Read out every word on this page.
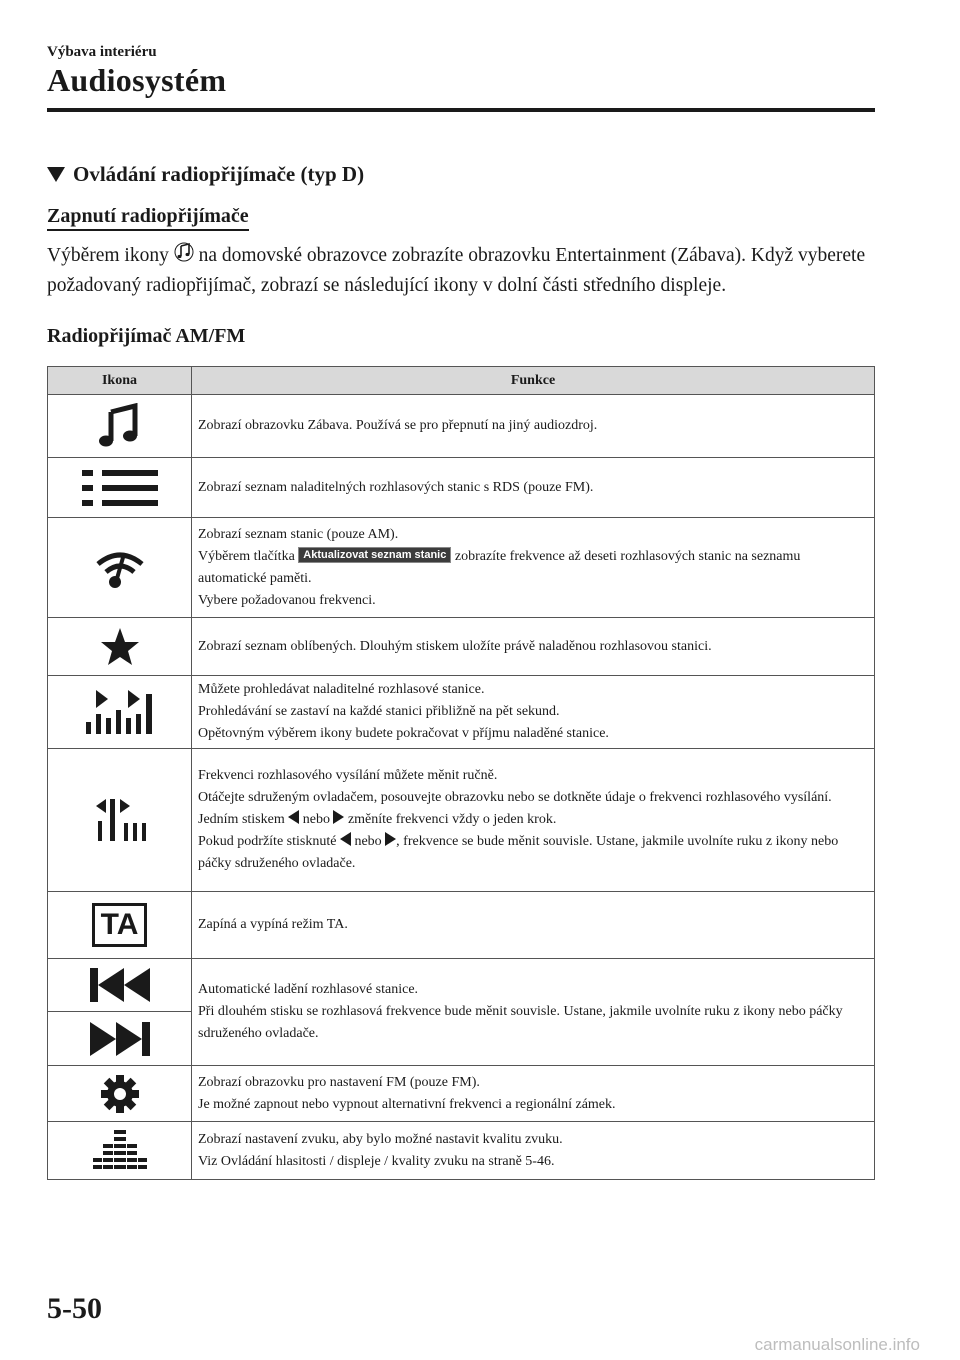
Výbava interiéru
Audiosystém
Ovládání radiopřijímače (typ D)
Zapnutí radiopřijímače
Výběrem ikony  na domovské obrazovce zobrazíte obrazovku Entertainment (Zábava). Když vyberete požadovaný radiopřijímač, zobrazí se následující ikony v dolní části středního displeje.
Radiopřijímač AM/FM
Ikona	Funkce

Zobrazí obrazovku Zábava. Používá se pro přepnutí na jiný audiozdroj.

Zobrazí seznam naladitelných rozhlasových stanic s RDS (pouze FM).

Zobrazí seznam stanic (pouze AM).
Výběrem tlačítka Aktualizovat seznam stanic zobrazíte frekvence až deseti rozhlasových stanic na seznamu automatické paměti.
Vybere požadovanou frekvenci.

Zobrazí seznam oblíbených. Dlouhým stiskem uložíte právě naladěnou rozhlasovou stanici.

Můžete prohledávat naladitelné rozhlasové stanice.
Prohledávání se zastaví na každé stanici přibližně na pět sekund.
Opětovným výběrem ikony budete pokračovat v příjmu naladěné stanice.

Frekvenci rozhlasového vysílání můžete měnit ručně.
Otáčejte sdruženým ovladačem, posouvejte obrazovku nebo se dotkněte údaje o frekvenci rozhlasového vysílání.
Jedním stiskem  nebo  změníte frekvenci vždy o jeden krok.
Pokud podržíte stisknuté  nebo , frekvence se bude měnit souvisle. Ustane, jakmile uvolníte ruku z ikony nebo páčky sdruženého ovladače.

TA	Zapíná a vypíná režim TA.

Automatické ladění rozhlasové stanice.
Při dlouhém stisku se rozhlasová frekvence bude měnit souvisle. Ustane, jakmile uvolníte ruku z ikony nebo páčky sdruženého ovladače.

Zobrazí obrazovku pro nastavení FM (pouze FM).
Je možné zapnout nebo vypnout alternativní frekvenci a regionální zámek.

Zobrazí nastavení zvuku, aby bylo možné nastavit kvalitu zvuku.
Viz Ovládání hlasitosti / displeje / kvality zvuku na straně 5-46.
5-50
carmanualsonline.info
